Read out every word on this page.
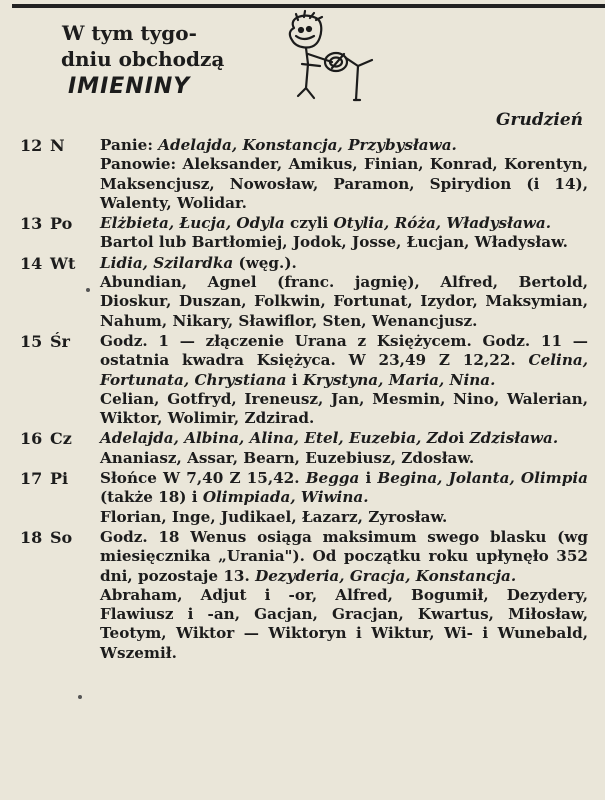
W tym tygo-
dniu obchodzą
IMIENINY
Grudzień
12 N	Panie: Adelajda, Konstancja, Przybysława.

Panowie: Aleksander, Amikus, Finian, Konrad, Korentyn, Maksencjusz, Nowosław, Paramon, Spirydion (i 14), Walenty, Wolidar.

13 Po	Elżbieta, Łucja, Odyla czyli Otylia, Róża, Władysława.

Bartol lub Bartłomiej, Jodok, Josse, Łucjan, Władysław.

14 Wt	Lidia, Szilardka (węg.).

Abundian, Agnel (franc. jagnię), Alfred, Bertold, Dioskur, Duszan, Folkwin, Fortunat, Izydor, Maksymian, Nahum, Nikary, Sławiflor, Sten, Wenancjusz.

15 Śr	Godz. 1 — złączenie Urana z Księżycem. Godz. 11 — ostatnia kwadra Księżyca. W 23,49 Z 12,22. Celina, Fortunata, Chrystiana i Krystyna, Maria, Nina.

Celian, Gotfryd, Ireneusz, Jan, Mesmin, Nino, Walerian, Wiktor, Wolimir, Zdzirad.

16 Cz	Adelajda, Albina, Alina, Etel, Euzebia, Zdoi Zdzisława.

Ananiasz, Assar, Bearn, Euzebiusz, Zdosław.

17 Pi	Słońce W 7,40 Z 15,42. Begga i Begina, Jolanta, Olimpia (także 18) i Olimpiada, Wiwina.

Florian, Inge, Judikael, Łazarz, Zyrosław.

18 So	Godz. 18 Wenus osiąga maksimum swego blasku (wg miesięcznika „Urania"). Od początku roku upłynęło 352 dni, pozostaje 13. Dezyderia, Gracja, Konstancja.

Abraham, Adjut i -or, Alfred, Bogumił, Dezydery, Flawiusz i -an, Gacjan, Gracjan, Kwartus, Miłosław, Teotym, Wiktor — Wiktoryn i Wiktur, Wi- i Wunebald, Wszemił.
